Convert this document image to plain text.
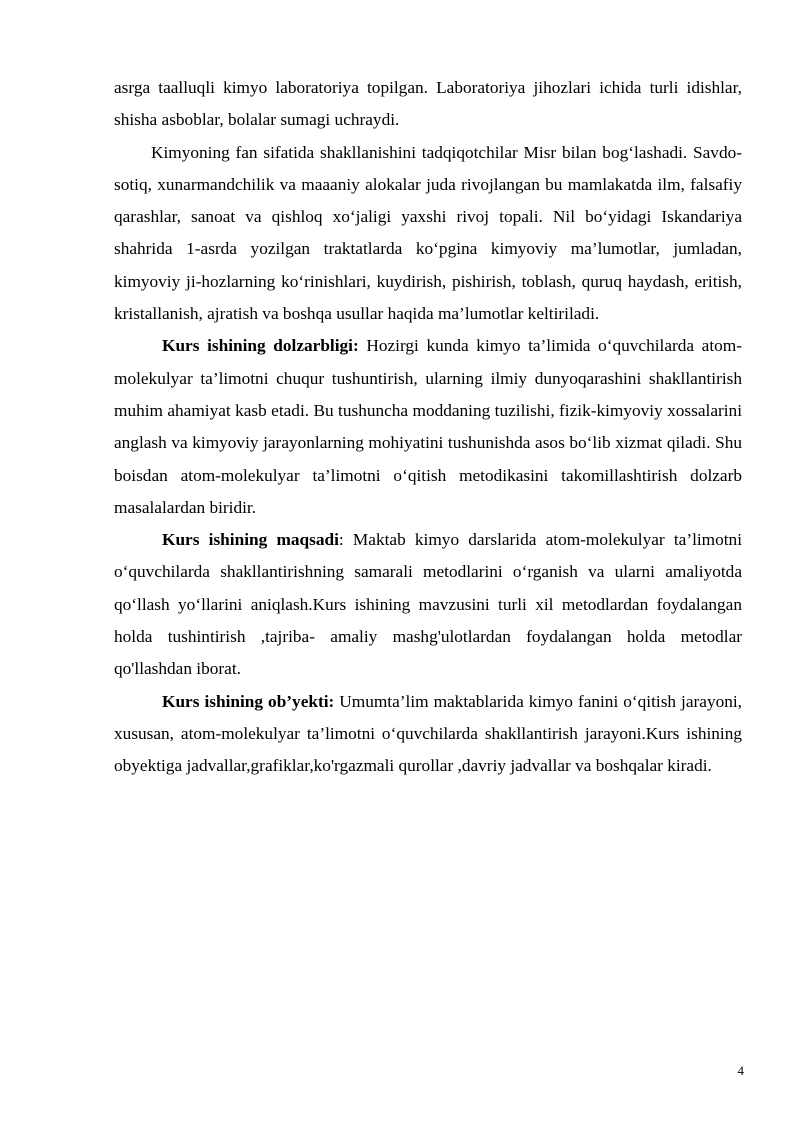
asrga taalluqli kimyo laboratoriya topilgan. Laboratoriya jihozlari ichida turli idishlar, shisha asboblar, bolalar sumagi uchraydi.

Kimyoning fan sifatida shakllanishini tadqiqotchilar Misr bilan bog‘lashadi. Savdo-sotiq, xunarmandchilik va maaaniy alokalar juda rivojlangan bu mamlakatda ilm, falsafiy qarashlar, sanoat va qishloq xo‘jaligi yaxshi rivoj topali. Nil bo‘yidagi Iskandariya shahrida 1-asrda yozilgan traktatlarda ko‘pgina kimyoviy ma’lumotlar, jumladan, kimyoviy ji-hozlarning ko‘rinishlari, kuydirish, pishirish, toblash, quruq haydash, eritish, kristallanish, ajratish va boshqa usullar haqida ma’lumotlar keltiriladi.

Kurs ishining dolzarbligi: Hozirgi kunda kimyo ta’limida o‘quvchilarda atom-molekulyar ta’limotni chuqur tushuntirish, ularning ilmiy dunyoqarashini shakllantirish muhim ahamiyat kasb etadi. Bu tushuncha moddaning tuzilishi, fizik-kimyoviy xossalarini anglash va kimyoviy jarayonlarning mohiyatini tushunishda asos bo‘lib xizmat qiladi. Shu boisdan atom-molekulyar ta’limotni o‘qitish metodikasini takomillashtirish dolzarb masalalardan biridir.

Kurs ishining maqsadi: Maktab kimyo darslarida atom-molekulyar ta’limotni o‘quvchilarda shakllantirishning samarali metodlarini o‘rganish va ularni amaliyotda qo‘llash yo‘llarini aniqlash.Kurs ishining mavzusini turli xil metodlardan foydalangan holda tushintirish ,tajriba- amaliy mashg'ulotlardan foydalangan holda metodlar qo'llashdan iborat.

Kurs ishining ob’yekti: Umumta’lim maktablarida kimyo fanini o‘qitish jarayoni, xususan, atom-molekulyar ta’limotni o‘quvchilarda shakllantirish jarayoni.Kurs ishining obyektiga jadvallar,grafiklar,ko'rgazmali qurollar ,davriy jadvallar va boshqalar kiradi.

4
